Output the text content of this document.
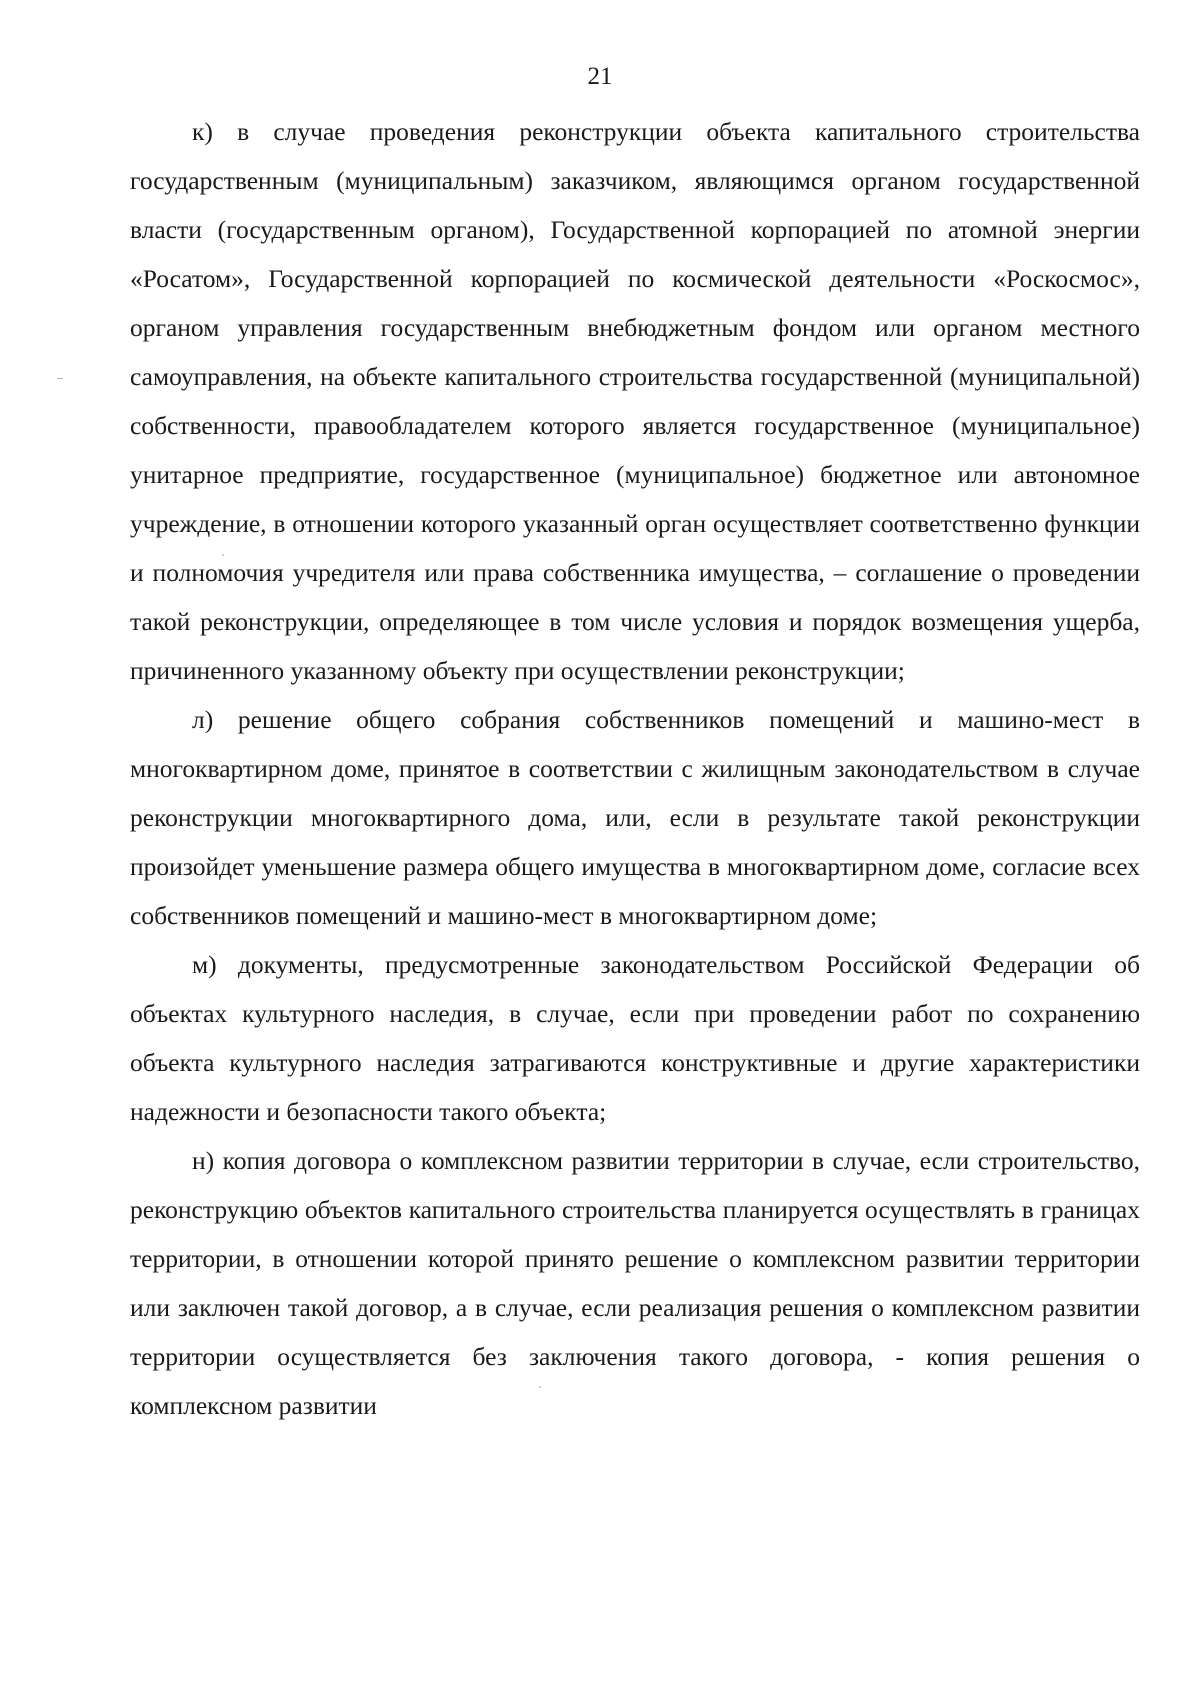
21

к) в случае проведения реконструкции объекта капитального строительства государственным (муниципальным) заказчиком, являющимся органом государственной власти (государственным органом), Государственной корпорацией по атомной энергии «Росатом», Государственной корпорацией по космической деятельности «Роскосмос», органом управления государственным внебюджетным фондом или органом местного самоуправления, на объекте капитального строительства государственной (муниципальной) собственности, правообладателем которого является государственное (муниципальное) унитарное предприятие, государственное (муниципальное) бюджетное или автономное учреждение, в отношении которого указанный орган осуществляет соответственно функции и полномочия учредителя или права собственника имущества, – соглашение о проведении такой реконструкции, определяющее в том числе условия и порядок возмещения ущерба, причиненного указанному объекту при осуществлении реконструкции;

л) решение общего собрания собственников помещений и машино-мест в многоквартирном доме, принятое в соответствии с жилищным законодательством в случае реконструкции многоквартирного дома, или, если в результате такой реконструкции произойдет уменьшение размера общего имущества в многоквартирном доме, согласие всех собственников помещений и машино-мест в многоквартирном доме;

м) документы, предусмотренные законодательством Российской Федерации об объектах культурного наследия, в случае, если при проведении работ по сохранению объекта культурного наследия затрагиваются конструктивные и другие характеристики надежности и безопасности такого объекта;

н) копия договора о комплексном развитии территории в случае, если строительство, реконструкцию объектов капитального строительства планируется осуществлять в границах территории, в отношении которой принято решение о комплексном развитии территории или заключен такой договор, а в случае, если реализация решения о комплексном развитии территории осуществляется без заключения такого договора, - копия решения о комплексном развитии
